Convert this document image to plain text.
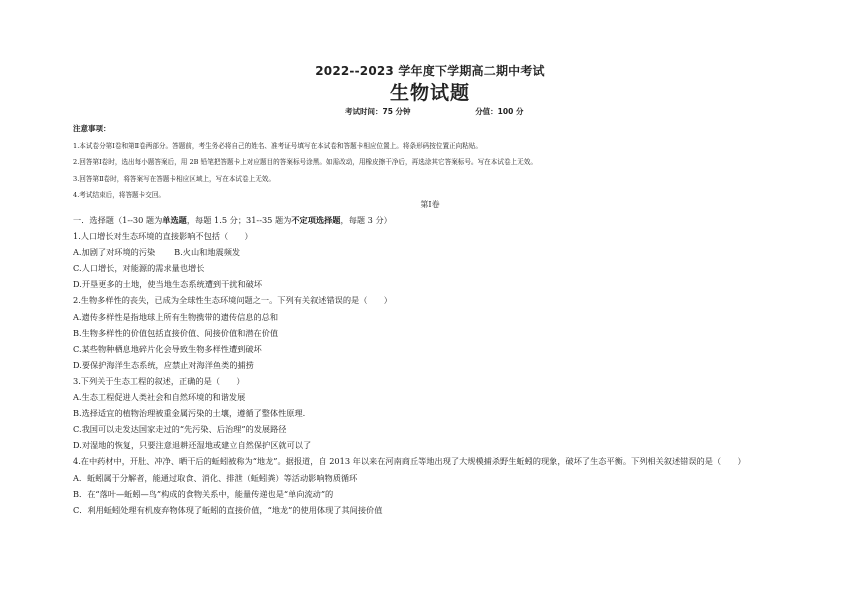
2022--2023 学年度下学期高二期中考试
生物试题
考试时间：75 分钟	分值：100 分
注意事项：
1.本试卷分第Ⅰ卷和第Ⅱ卷两部分。答题前，考生务必将自己的姓名、准考证号填写在本试卷和答题卡相应位置上。将条形码按位置正向粘贴。
2.回答第Ⅰ卷时，选出每小题答案后，用 2B 铅笔把答题卡上对应题目的答案标号涂黑。如需改动，用橡皮擦干净后，再选涂其它答案标号。写在本试卷上无效。
3.回答第Ⅱ卷时，将答案写在答题卡相应区域上，写在本试卷上无效。
4.考试结束后，将答题卡交回。
第Ⅰ卷
一．选择题（1--30 题为单选题，每题 1.5 分；31--35 题为不定项选择题，每题 3 分）
1.人口增长对生态环境的直接影响不包括（　　）
A.加剧了对环境的污染　　 B.火山和地震频发
C.人口增长，对能源的需求量也增长
D.开垦更多的土地，使当地生态系统遭到干扰和破坏
2.生物多样性的丧失，已成为全球性生态环境问题之一。下列有关叙述错误的是（　　）
A.遗传多样性是指地球上所有生物携带的遗传信息的总和
B.生物多样性的价值包括直接价值、间接价值和潜在价值
C.某些物种栖息地碎片化会导致生物多样性遭到破坏
D.要保护海洋生态系统，应禁止对海洋鱼类的捕捞
3.下列关于生态工程的叙述，正确的是（　　）
A.生态工程促进人类社会和自然环境的和谐发展
B.选择适宜的植物治理被重金属污染的土壤，遵循了整体性原理.
C.我国可以走发达国家走过的“先污染、后治理”的发展路径
D.对湿地的恢复，只要注意退耕还湿地或建立自然保护区就可以了
4.在中药材中，开肚、冲净、晒干后的蚯蚓被称为“地龙”。据报道，自 2013 年以来在河南商丘等地出现了大规模捕杀野生蚯蚓的现象，破坏了生态平衡。下列相关叙述错误的是（　　）
A．蚯蚓属于分解者，能通过取食、消化、排泄（蚯蚓粪）等活动影响物质循环
B．在“落叶—蚯蚓—鸟”构成的食物关系中，能量传递也是“单向流动”的
C．利用蚯蚓处理有机废弃物体现了蚯蚓的直接价值，“地龙”的使用体现了其间接价值
